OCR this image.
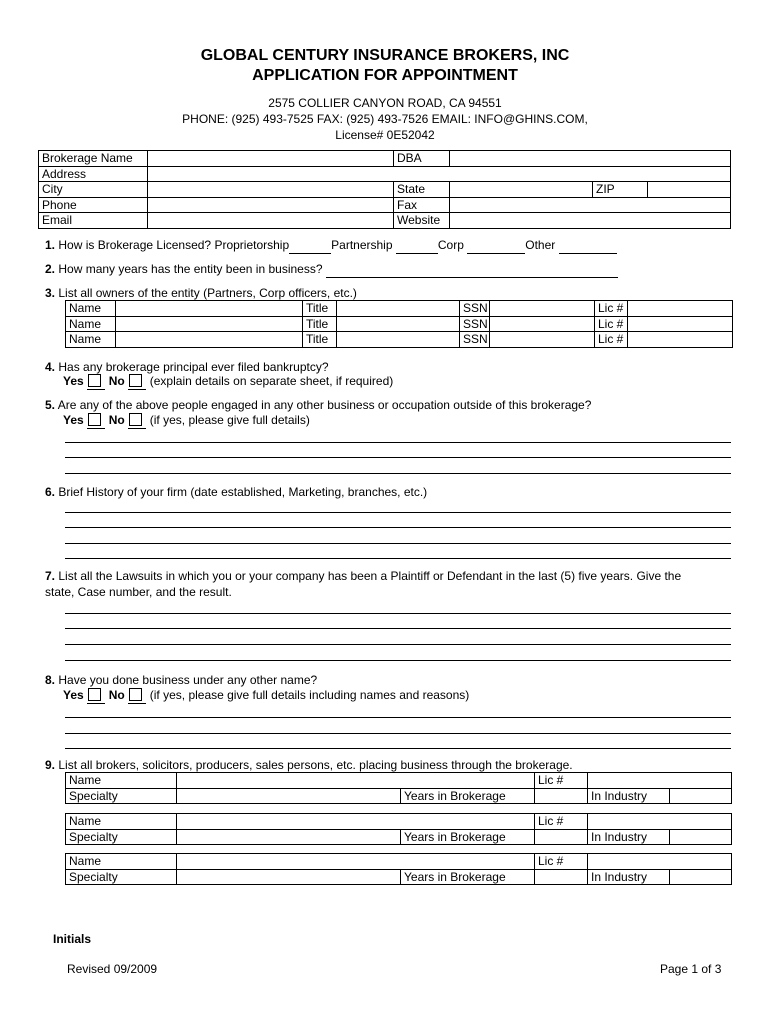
GLOBAL CENTURY INSURANCE BROKERS, INC
APPLICATION FOR APPOINTMENT
2575 COLLIER CANYON ROAD, CA 94551
PHONE: (925) 493-7525 FAX: (925) 493-7526 EMAIL: INFO@GHINS.COM,
License# 0E52042
Brokerage Name		DBA			
Address					
City		State		ZIP	
Phone		Fax			
Email		Website			
1. How is Brokerage Licensed? Proprietorship	Partnership	Corp	Other
2. How many years has the entity been in business?
3. List all owners of the entity (Partners, Corp officers, etc.)
Name		Title		SSN		Lic #	
Name		Title		SSN		Lic #	
Name		Title		SSN		Lic #	
4. Has any brokerage principal ever filed bankruptcy?
Yes No (explain details on separate sheet, if required)
5. Are any of the above people engaged in any other business or occupation outside of this brokerage?
Yes No (if yes, please give full details)
6. Brief History of your firm (date established, Marketing, branches, etc.)
7. List all the Lawsuits in which you or your company has been a Plaintiff or Defendant in the last (5) five years. Give the
state, Case number, and the result.
8. Have you done business under any other name?
Yes No (if yes, please give full details including names and reasons)
9. List all brokers, solicitors, producers, sales persons, etc. placing business through the brokerage.
Name			Lic #		
Specialty		Years in Brokerage		In Industry	
Name			Lic #		
Specialty		Years in Brokerage		In Industry	
Name			Lic #		
Specialty		Years in Brokerage		In Industry	
Initials
Revised 09/2009	Page 1 of 3
